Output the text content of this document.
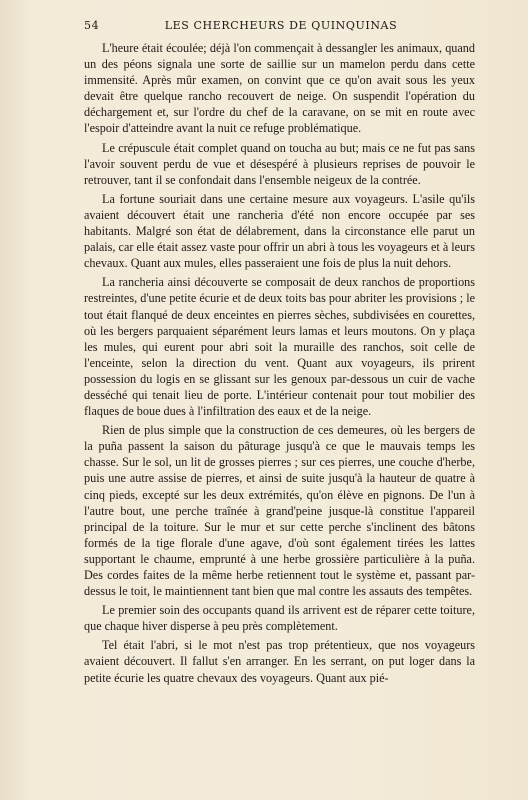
54	LES CHERCHEURS DE QUINQUINAS

L'heure était écoulée; déjà l'on commençait à dessangler les animaux, quand un des péons signala une sorte de saillie sur un mamelon perdu dans cette immensité. Après mûr examen, on convint que ce qu'on avait sous les yeux devait être quelque rancho recouvert de neige. On suspendit l'opération du déchargement et, sur l'ordre du chef de la caravane, on se mit en route avec l'espoir d'atteindre avant la nuit ce refuge problématique.

Le crépuscule était complet quand on toucha au but; mais ce ne fut pas sans l'avoir souvent perdu de vue et désespéré à plusieurs reprises de pouvoir le retrouver, tant il se confondait dans l'ensemble neigeux de la contrée.

La fortune souriait dans une certaine mesure aux voyageurs. L'asile qu'ils avaient découvert était une rancheria d'été non encore occupée par ses habitants. Malgré son état de délabrement, dans la circonstance elle parut un palais, car elle était assez vaste pour offrir un abri à tous les voyageurs et à leurs chevaux. Quant aux mules, elles passeraient une fois de plus la nuit dehors.

La rancheria ainsi découverte se composait de deux ranchos de proportions restreintes, d'une petite écurie et de deux toits bas pour abriter les provisions ; le tout était flanqué de deux enceintes en pierres sèches, subdivisées en courettes, où les bergers parquaient séparément leurs lamas et leurs moutons. On y plaça les mules, qui eurent pour abri soit la muraille des ranchos, soit celle de l'enceinte, selon la direction du vent. Quant aux voyageurs, ils prirent possession du logis en se glissant sur les genoux par-dessous un cuir de vache desséché qui tenait lieu de porte. L'intérieur contenait pour tout mobilier des flaques de boue dues à l'infiltration des eaux et de la neige.

Rien de plus simple que la construction de ces demeures, où les bergers de la puña passent la saison du pâturage jusqu'à ce que le mauvais temps les chasse. Sur le sol, un lit de grosses pierres ; sur ces pierres, une couche d'herbe, puis une autre assise de pierres, et ainsi de suite jusqu'à la hauteur de quatre à cinq pieds, excepté sur les deux extrémités, qu'on élève en pignons. De l'un à l'autre bout, une perche traînée à grand'peine jusque-là constitue l'appareil principal de la toiture. Sur le mur et sur cette perche s'inclinent des bâtons formés de la tige florale d'une agave, d'où sont également tirées les lattes supportant le chaume, emprunté à une herbe grossière particulière à la puña. Des cordes faites de la même herbe retiennent tout le système et, passant par-dessus le toit, le maintiennent tant bien que mal contre les assauts des tempêtes.

Le premier soin des occupants quand ils arrivent est de réparer cette toiture, que chaque hiver disperse à peu près complètement.

Tel était l'abri, si le mot n'est pas trop prétentieux, que nos voyageurs avaient découvert. Il fallut s'en arranger. En les serrant, on put loger dans la petite écurie les quatre chevaux des voyageurs. Quant aux pié-
